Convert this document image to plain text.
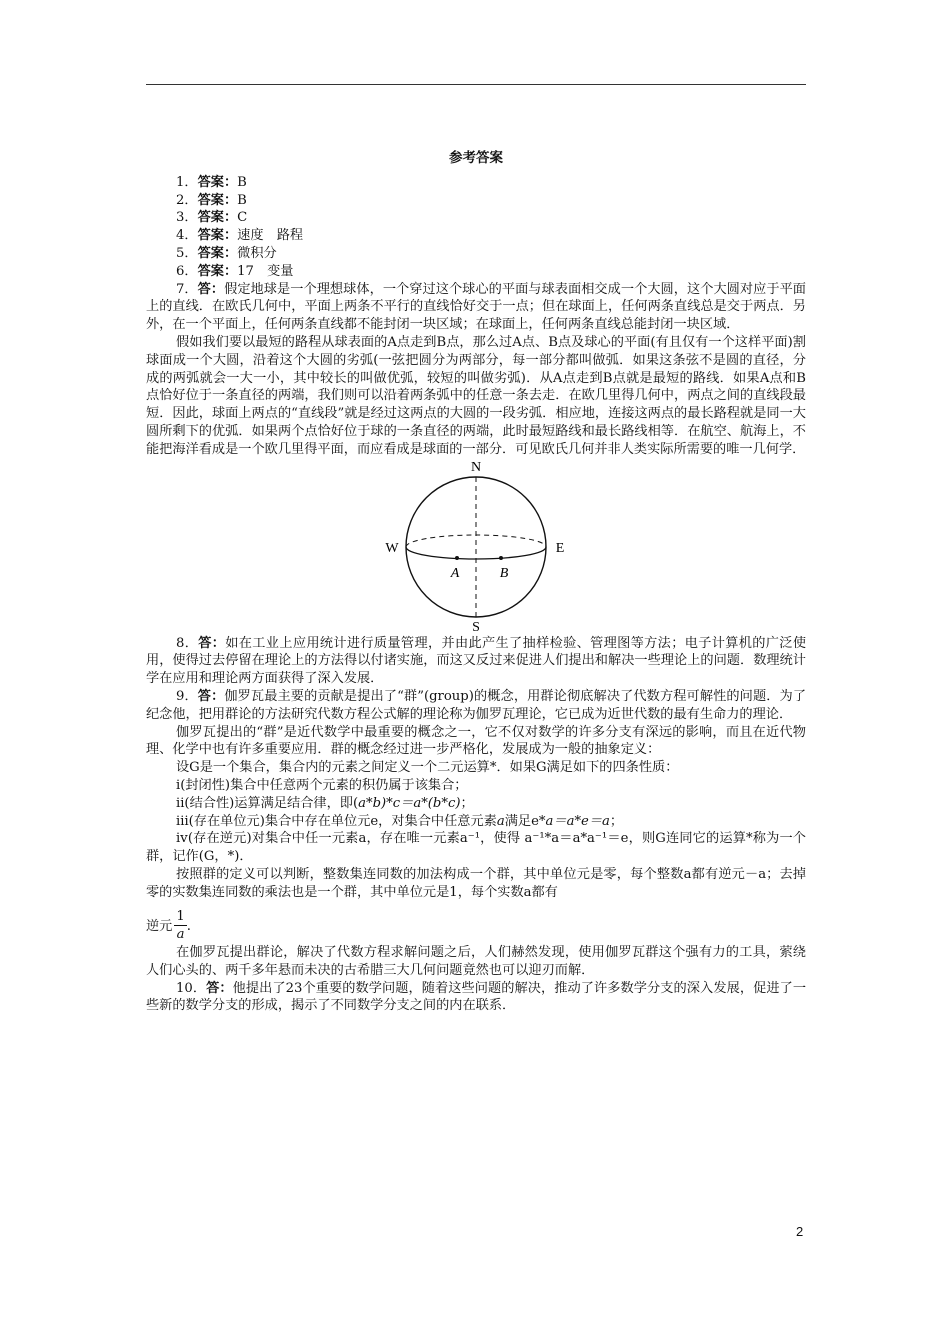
参考答案

1．答案：B

2．答案：B

3．答案：C

4．答案：速度　路程

5．答案：微积分

6．答案：17　变量

7．答：假定地球是一个理想球体，一个穿过这个球心的平面与球表面相交成一个大圆，这个大圆对应于平面上的直线．在欧氏几何中，平面上两条不平行的直线恰好交于一点；但在球面上，任何两条直线总是交于两点．另外，在一个平面上，任何两条直线都不能封闭一块区域；在球面上，任何两条直线总能封闭一块区域．

假如我们要以最短的路程从球表面的A点走到B点，那么过A点、B点及球心的平面(有且仅有一个这样平面)割球面成一个大圆，沿着这个大圆的劣弧(一弦把圆分为两部分，每一部分都叫做弧．如果这条弦不是圆的直径，分成的两弧就会一大一小，其中较长的叫做优弧，较短的叫做劣弧)．从A点走到B点就是最短的路线．如果A点和B点恰好位于一条直径的两端，我们则可以沿着两条弧中的任意一条去走．在欧几里得几何中，两点之间的直线段最短．因此，球面上两点的“直线段”就是经过这两点的大圆的一段劣弧．相应地，连接这两点的最长路程就是同一大圆所剩下的优弧．如果两个点恰好位于球的一条直径的两端，此时最短路线和最长路线相等．在航空、航海上，不能把海洋看成是一个欧几里得平面，而应看成是球面的一部分．可见欧氏几何并非人类实际所需要的唯一几何学．

N
S
W	E
A	B

8．答：如在工业上应用统计进行质量管理，并由此产生了抽样检验、管理图等方法；电子计算机的广泛使用，使得过去停留在理论上的方法得以付诸实施，而这又反过来促进人们提出和解决一些理论上的问题．数理统计学在应用和理论两方面获得了深入发展．

9．答：伽罗瓦最主要的贡献是提出了“群”(group)的概念，用群论彻底解决了代数方程可解性的问题．为了纪念他，把用群论的方法研究代数方程公式解的理论称为伽罗瓦理论，它已成为近世代数的最有生命力的理论．

伽罗瓦提出的“群”是近代数学中最重要的概念之一，它不仅对数学的许多分支有深远的影响，而且在近代物理、化学中也有许多重要应用．群的概念经过进一步严格化，发展成为一般的抽象定义：

设G是一个集合，集合内的元素之间定义一个二元运算*．如果G满足如下的四条性质：

ⅰ(封闭性)集合中任意两个元素的积仍属于该集合；

ⅱ(结合性)运算满足结合律，即(a*b)*c＝a*(b*c)；

ⅲ(存在单位元)集合中存在单位元e，对集合中任意元素a满足e*a＝a*e＝a；

ⅳ(存在逆元)对集合中任一元素a，存在唯一元素a⁻¹，使得 a⁻¹*a＝a*a⁻¹＝e，则G连同它的运算*称为一个群，记作(G，*)．

按照群的定义可以判断，整数集连同数的加法构成一个群，其中单位元是零，每个整数a都有逆元－a；去掉零的实数集连同数的乘法也是一个群，其中单位元是1，每个实数a都有

逆元 $\frac{1}{a}$ .

在伽罗瓦提出群论，解决了代数方程求解问题之后，人们赫然发现，使用伽罗瓦群这个强有力的工具，萦绕人们心头的、两千多年悬而未决的古希腊三大几何问题竟然也可以迎刃而解．

10．答：他提出了23个重要的数学问题，随着这些问题的解决，推动了许多数学分支的深入发展，促进了一些新的数学分支的形成，揭示了不同数学分支之间的内在联系．

2
